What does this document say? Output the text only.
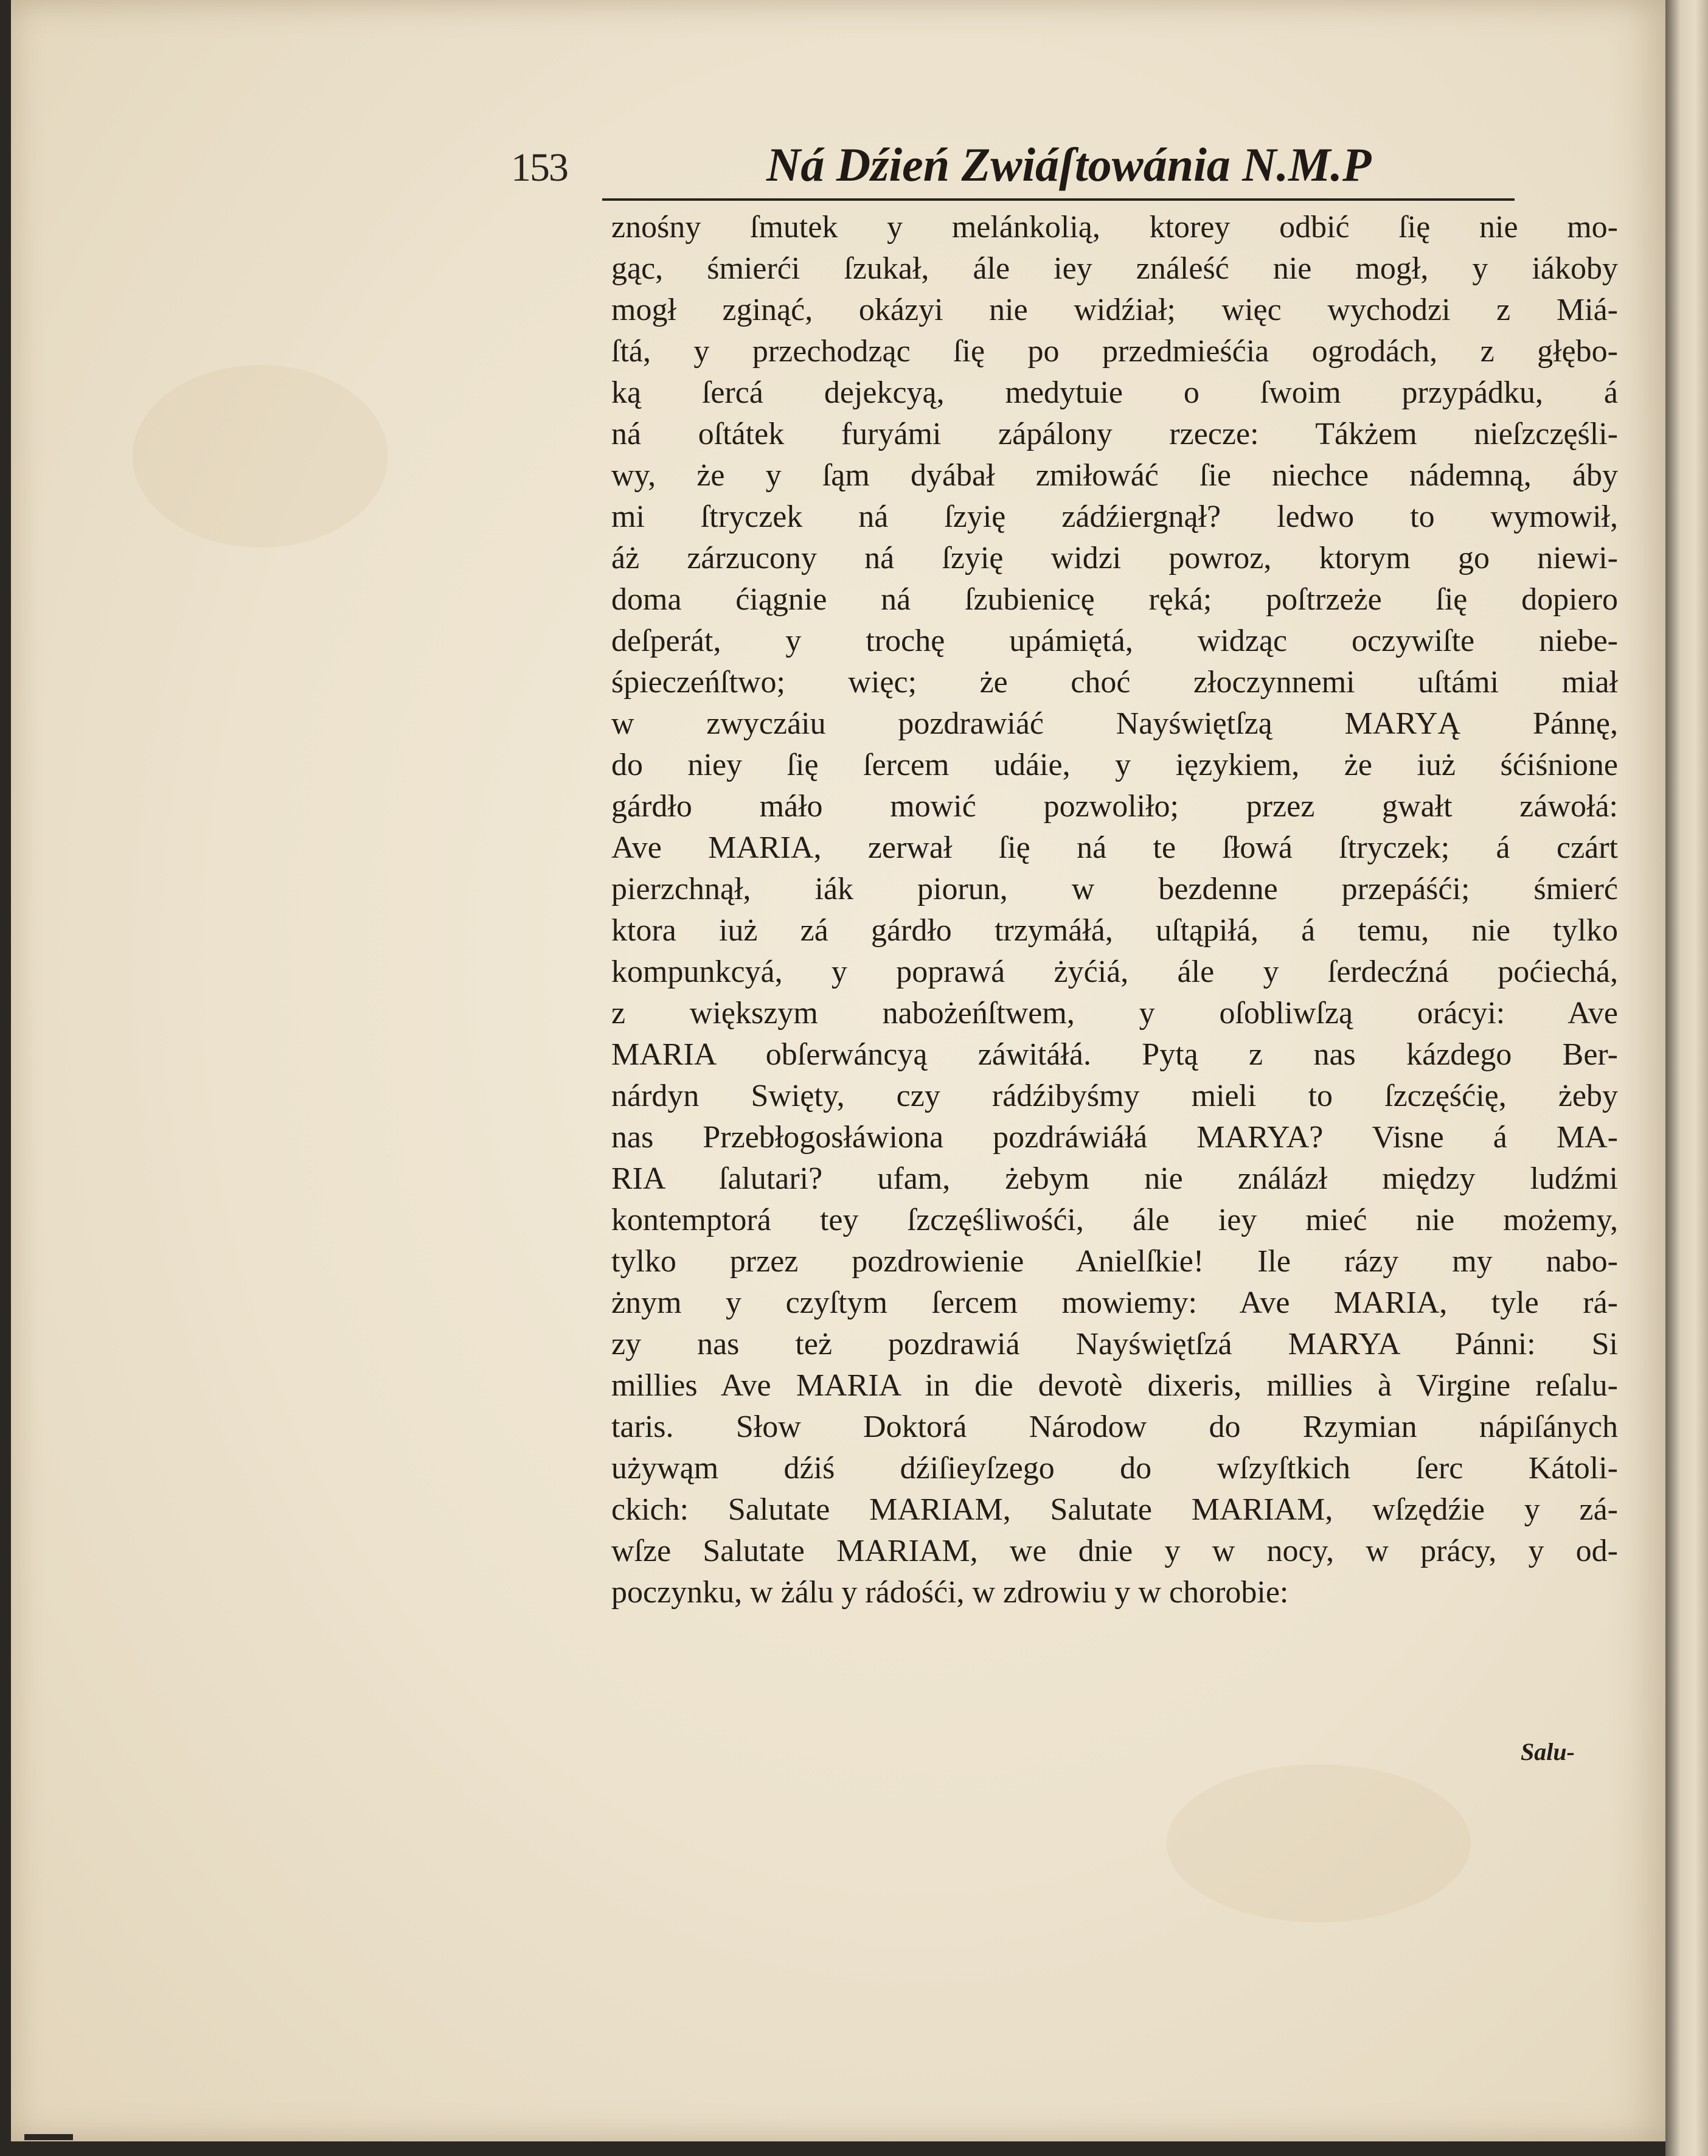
153	Ná Dźień Zwiáſtowánia N.M.P
znośny ſmutek y melánkolią, ktorey odbić ſię nie mo-
gąc, śmierći ſzukał, ále iey ználeść nie mogł, y iákoby
mogł zginąć, okázyi nie widźiał; więc wychodzi z Miá-
ſtá, y przechodząc ſię po przedmieśćia ogrodách, z głębo-
ką ſercá dejekcyą, medytuie o ſwoim przypádku, á
ná oſtátek furyámi zápálony rzecze: Tákżem nieſzczęśli-
wy, że y ſąm dyábał zmiłowáć ſie niechce nádemną, áby
mi ſtryczek ná ſzyię zádźiergnął? ledwo to wymowił,
áż zárzucony ná ſzyię widzi powroz, ktorym go niewi-
doma ćiągnie ná ſzubienicę ręká; poſtrzeże ſię dopiero
deſperát, y trochę upámiętá, widząc oczywiſte niebe-
śpieczeńſtwo; więc; że choć złoczynnemi uſtámi miał
w zwyczáiu pozdrawiáć Nayświętſzą MARYĄ Pánnę,
do niey ſię ſercem udáie, y ięzykiem, że iuż śćiśnione
gárdło máło mowić pozwoliło; przez gwałt záwołá:
Ave MARIA, zerwał ſię ná te ſłowá ſtryczek; á czárt
pierzchnął, iák piorun, w bezdenne przepáśći; śmierć
ktora iuż zá gárdło trzymáłá, uſtąpiłá, á temu, nie tylko
kompunkcyá, y poprawá żyćiá, ále y ſerdecźná poćiechá,
z większym nabożeńſtwem, y oſobliwſzą orácyi: Ave
MARIA obſerwáncyą záwitáłá. Pytą z nas kázdego Ber-
nárdyn Swięty, czy rádźibyśmy mieli to ſzczęśćię, żeby
nas Przebłogosłáwiona pozdráwiáłá MARYA? Visne á MA-
RIA ſalutari? ufam, żebym nie ználázł między ludźmi
kontemptorá tey ſzczęśliwośći, ále iey mieć nie możemy,
tylko przez pozdrowienie Anielſkie! Ile rázy my nabo-
żnym y czyſtym ſercem mowiemy: Ave MARIA, tyle rá-
zy nas też pozdrawiá Nayświętſzá MARYA Pánni: Si
millies Ave MARIA in die devotè dixeris, millies à Virgine reſalu-
taris. Słow Doktorá Národow do Rzymian nápiſánych
używąm dźiś dźiſieyſzego do wſzyſtkich ſerc Kátoli-
ckich: Salutate MARIAM, Salutate MARIAM, wſzędźie y zá-
wſze Salutate MARIAM, we dnie y w nocy, w prácy, y od-
poczynku, w żálu y rádośći, w zdrowiu y w chorobie:
Salu-
